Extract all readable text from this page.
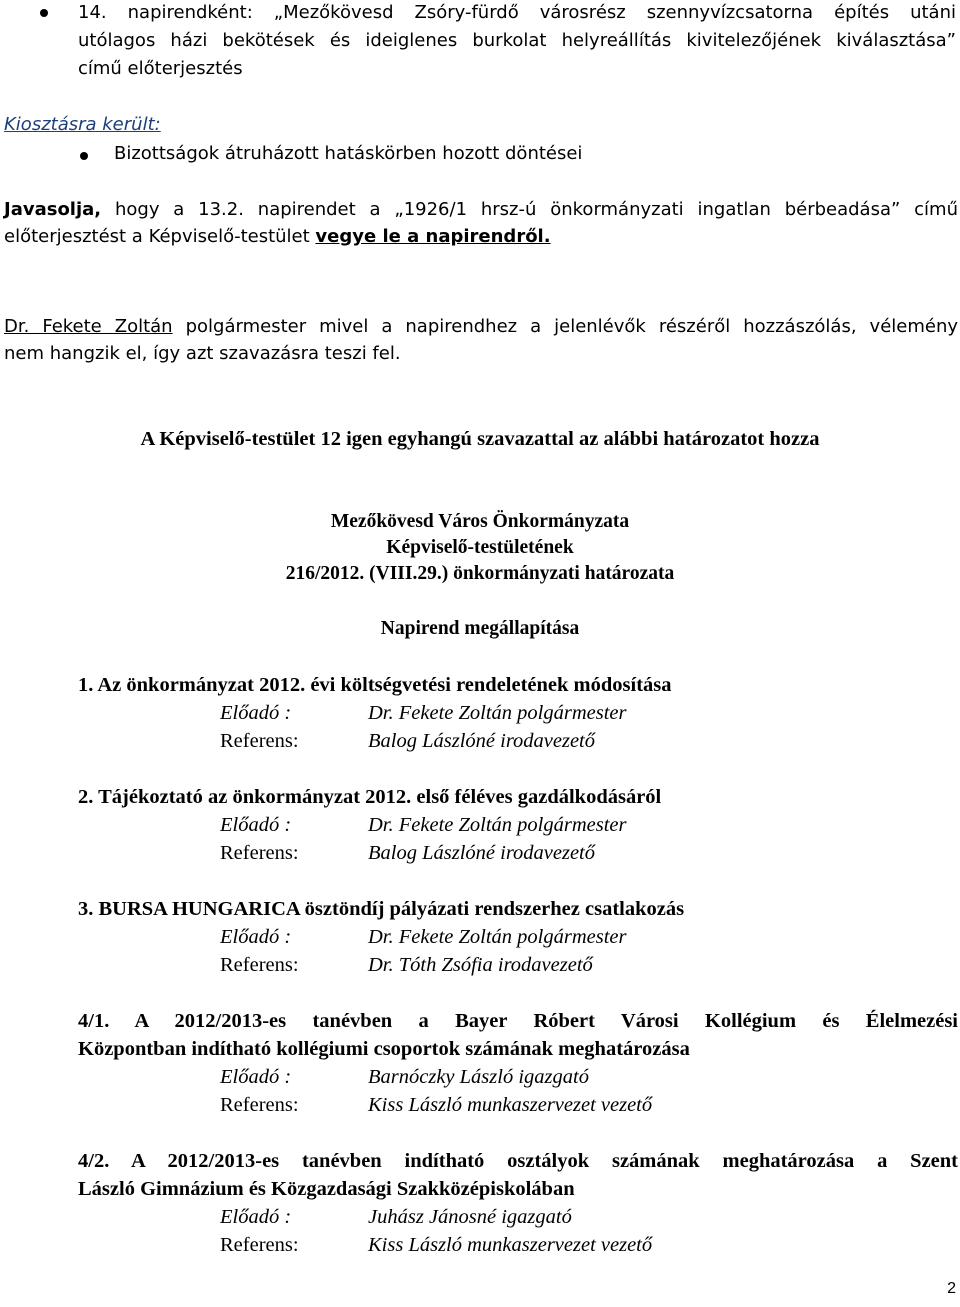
14. napirendként: „Mezőkövesd Zsóry-fürdő városrész szennyvízcsatorna építés utáni
utólagos házi bekötések és ideiglenes burkolat helyreállítás kivitelezőjének kiválasztása”
című előterjesztés
Kiosztásra került:
Bizottságok átruházott hatáskörben hozott döntései
Javasolja, hogy a 13.2. napirendet a „1926/1 hrsz-ú önkormányzati ingatlan bérbeadása” című
előterjesztést a Képviselő-testület vegye le a napirendről.
Dr. Fekete Zoltán polgármester mivel a napirendhez a jelenlévők részéről hozzászólás, vélemény
nem hangzik el, így azt szavazásra teszi fel.
A Képviselő-testület 12 igen egyhangú szavazattal az alábbi határozatot hozza
Mezőkövesd Város Önkormányzata
Képviselő-testületének
216/2012. (VIII.29.) önkormányzati határozata
Napirend megállapítása
1. Az önkormányzat 2012. évi költségvetési rendeletének módosítása
Előadó :	Dr. Fekete Zoltán polgármester
Referens:	Balog Lászlóné irodavezető
2. Tájékoztató az önkormányzat 2012. első féléves gazdálkodásáról
Előadó :	Dr. Fekete Zoltán polgármester
Referens:	Balog Lászlóné irodavezető
3. BURSA HUNGARICA ösztöndíj pályázati rendszerhez csatlakozás
Előadó :	Dr. Fekete Zoltán polgármester
Referens:	Dr. Tóth Zsófia irodavezető
4/1. A 2012/2013-es tanévben a Bayer Róbert Városi Kollégium és Élelmezési
Központban indítható kollégiumi csoportok számának meghatározása
Előadó :	Barnóczky László igazgató
Referens:	Kiss László munkaszervezet vezető
4/2. A 2012/2013-es tanévben indítható osztályok számának meghatározása a Szent
László Gimnázium és Közgazdasági Szakközépiskolában
Előadó :	Juhász Jánosné igazgató
Referens:	Kiss László munkaszervezet vezető
2
